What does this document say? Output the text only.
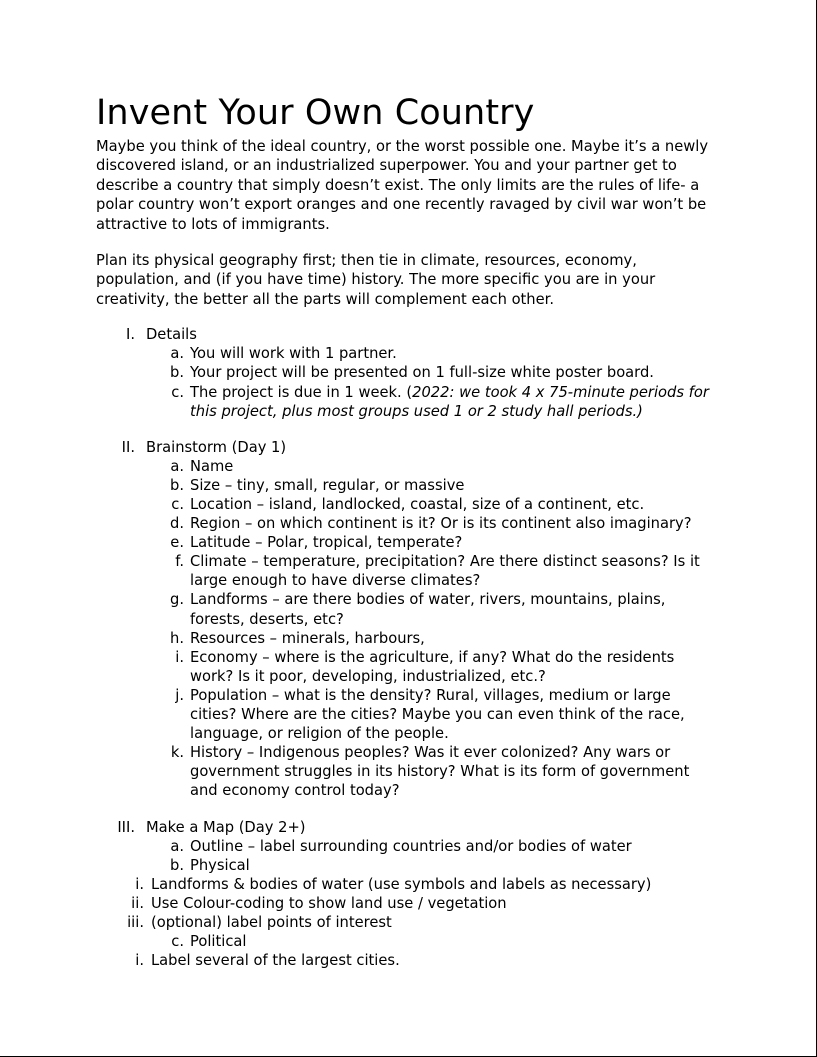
Invent Your Own Country

Maybe you think of the ideal country, or the worst possible one. Maybe it’s a newly discovered island, or an industrialized superpower. You and your partner get to describe a country that simply doesn’t exist. The only limits are the rules of life- a polar country won’t export oranges and one recently ravaged by civil war won’t be attractive to lots of immigrants.

Plan its physical geography first; then tie in climate, resources, economy, population, and (if you have time) history. The more specific you are in your creativity, the better all the parts will complement each other.

I. Details
a. You will work with 1 partner.
b. Your project will be presented on 1 full-size white poster board.
c. The project is due in 1 week. (2022: we took 4 x 75-minute periods for this project, plus most groups used 1 or 2 study hall periods.)
II. Brainstorm (Day 1)
a. Name
b. Size – tiny, small, regular, or massive
c. Location – island, landlocked, coastal, size of a continent, etc.
d. Region – on which continent is it? Or is its continent also imaginary?
e. Latitude – Polar, tropical, temperate?
f. Climate – temperature, precipitation? Are there distinct seasons? Is it large enough to have diverse climates?
g. Landforms – are there bodies of water, rivers, mountains, plains, forests, deserts, etc?
h. Resources – minerals, harbours,
i. Economy – where is the agriculture, if any? What do the residents work? Is it poor, developing, industrialized, etc.?
j. Population – what is the density? Rural, villages, medium or large cities? Where are the cities? Maybe you can even think of the race, language, or religion of the people.
k. History – Indigenous peoples? Was it ever colonized? Any wars or government struggles in its history? What is its form of government and economy control today?
III. Make a Map (Day 2+)
a. Outline – label surrounding countries and/or bodies of water
b. Physical
i. Landforms & bodies of water (use symbols and labels as necessary)
ii. Use Colour-coding to show land use / vegetation
iii. (optional) label points of interest
c. Political
i. Label several of the largest cities.
